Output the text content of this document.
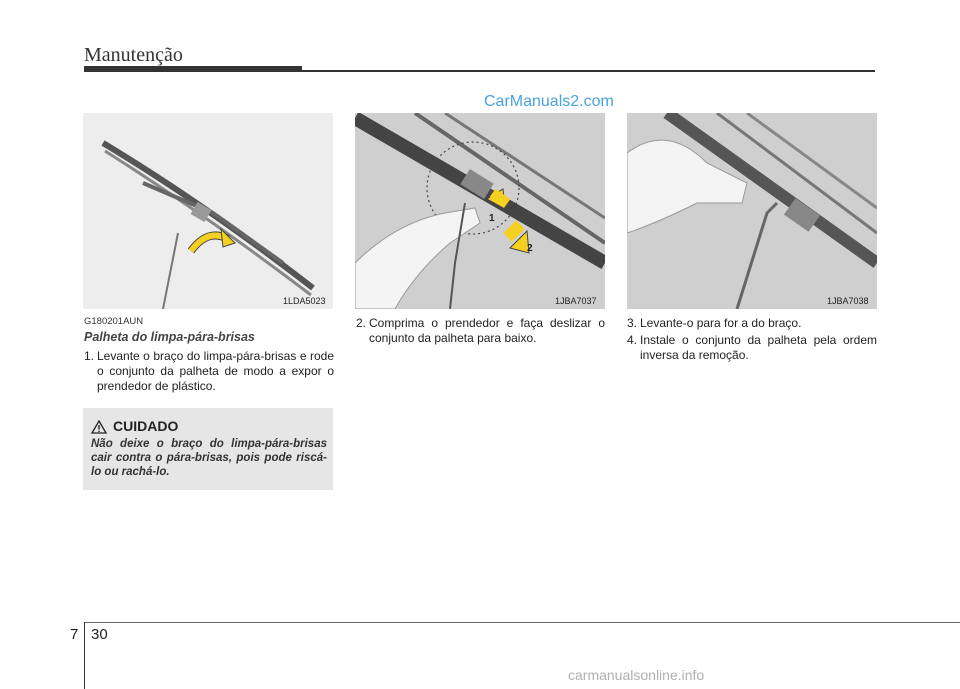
Manutenção
CarManuals2.com
1LDA5023
1
2
1JBA7037	1JBA7038
G180201AUN
Palheta do limpa-pára-brisas
1. Levante o braço do limpa-pára-brisas e rode o conjunto da palheta de modo a expor o prendedor de plástico.
2. Comprima o prendedor e faça deslizar o conjunto da palheta para baixo.
3. Levante-o para for a do braço.
4. Instale o conjunto da palheta pela ordem inversa da remoção.
CUIDADO
Não deixe o braço do limpa-pára-brisas cair contra o pára-brisas, pois pode riscá-lo ou rachá-lo.
7 30
carmanualsonline.info
